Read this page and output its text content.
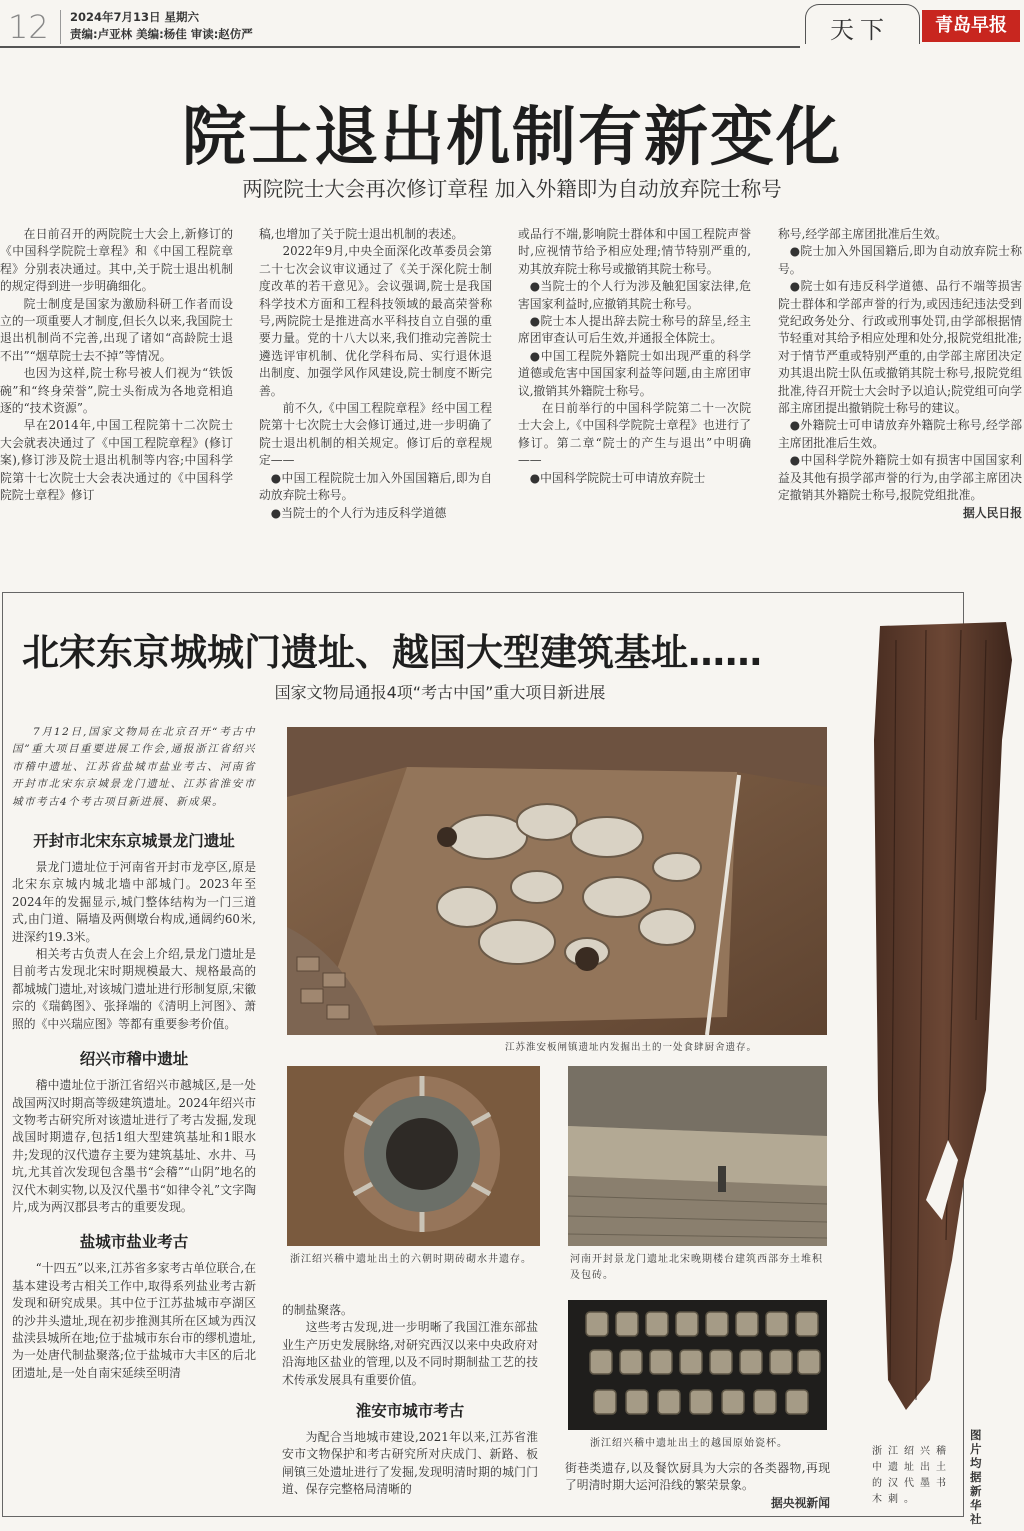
12 2024年7月13日 星期六
责编:卢亚林 美编:杨佳 审读:赵仿严	天下	青岛早报
院士退出机制有新变化
两院院士大会再次修订章程 加入外籍即为自动放弃院士称号

在日前召开的两院院士大会上,新修订的《中国科学院院士章程》和《中国工程院章程》分别表决通过。其中,关于院士退出机制的规定得到进一步明确细化。

院士制度是国家为激励科研工作者而设立的一项重要人才制度,但长久以来,我国院士退出机制尚不完善,出现了诸如“高龄院士退不出”“烟草院士去不掉”等情况。

也因为这样,院士称号被人们视为“铁饭碗”和“终身荣誉”,院士头衔成为各地竞相追逐的“技术资源”。

早在2014年,中国工程院第十二次院士大会就表决通过了《中国工程院章程》(修订案),修订涉及院士退出机制等内容;中国科学院第十七次院士大会表决通过的《中国科学院院士章程》修订

稿,也增加了关于院士退出机制的表述。

2022年9月,中央全面深化改革委员会第二十七次会议审议通过了《关于深化院士制度改革的若干意见》。会议强调,院士是我国科学技术方面和工程科技领域的最高荣誉称号,两院院士是推进高水平科技自立自强的重要力量。党的十八大以来,我们推动完善院士遴选评审机制、优化学科布局、实行退休退出制度、加强学风作风建设,院士制度不断完善。

前不久,《中国工程院章程》经中国工程院第十七次院士大会修订通过,进一步明确了院士退出机制的相关规定。修订后的章程规定——

●中国工程院院士加入外国国籍后,即为自动放弃院士称号。

●当院士的个人行为违反科学道德

或品行不端,影响院士群体和中国工程院声誉时,应视情节给予相应处理;情节特别严重的,劝其放弃院士称号或撤销其院士称号。

●当院士的个人行为涉及触犯国家法律,危害国家利益时,应撤销其院士称号。

●院士本人提出辞去院士称号的辞呈,经主席团审查认可后生效,并通报全体院士。

●中国工程院外籍院士如出现严重的科学道德或危害中国国家利益等问题,由主席团审议,撤销其外籍院士称号。

在日前举行的中国科学院第二十一次院士大会上,《中国科学院院士章程》也进行了修订。第二章“院士的产生与退出”中明确——

●中国科学院院士可申请放弃院士

称号,经学部主席团批准后生效。

●院士加入外国国籍后,即为自动放弃院士称号。

●院士如有违反科学道德、品行不端等损害院士群体和学部声誉的行为,或因违纪违法受到党纪政务处分、行政或刑事处罚,由学部根据情节轻重对其给予相应处理和处分,报院党组批准;对于情节严重或特别严重的,由学部主席团决定劝其退出院士队伍或撤销其院士称号,报院党组批准,待召开院士大会时予以追认;院党组可向学部主席团提出撤销院士称号的建议。

●外籍院士可申请放弃外籍院士称号,经学部主席团批准后生效。

●中国科学院外籍院士如有损害中国国家利益及其他有损学部声誉的行为,由学部主席团决定撤销其外籍院士称号,报院党组批准。

据人民日报

北宋东京城城门遗址、越国大型建筑基址……
国家文物局通报4项“考古中国”重大项目新进展

7月12日,国家文物局在北京召开“考古中国”重大项目重要进展工作会,通报浙江省绍兴市稽中遗址、江苏省盐城市盐业考古、河南省开封市北宋东京城景龙门遗址、江苏省淮安市城市考古4个考古项目新进展、新成果。

开封市北宋东京城景龙门遗址

景龙门遗址位于河南省开封市龙亭区,原是北宋东京城内城北墙中部城门。2023年至2024年的发掘显示,城门整体结构为一门三道式,由门道、隔墙及两侧墩台构成,通阔约60米,进深约19.3米。

相关考古负责人在会上介绍,景龙门遗址是目前考古发现北宋时期规模最大、规格最高的都城城门遗址,对该城门遗址进行形制复原,宋徽宗的《瑞鹤图》、张择端的《清明上河图》、萧照的《中兴瑞应图》等都有重要参考价值。

绍兴市稽中遗址

稽中遗址位于浙江省绍兴市越城区,是一处战国两汉时期高等级建筑遗址。2024年绍兴市文物考古研究所对该遗址进行了考古发掘,发现战国时期遗存,包括1组大型建筑基址和1眼水井;发现的汉代遗存主要为建筑基址、水井、马坑,尤其首次发现包含墨书“会稽”“山阴”地名的汉代木刺实物,以及汉代墨书“如律令礼”文字陶片,成为两汉郡县考古的重要发现。

盐城市盐业考古

“十四五”以来,江苏省多家考古单位联合,在基本建设考古相关工作中,取得系列盐业考古新发现和研究成果。其中位于江苏盐城市亭湖区的沙井头遗址,现在初步推测其所在区域为西汉盐渎县城所在地;位于盐城市东台市的缪机遗址,为一处唐代制盐聚落;位于盐城市大丰区的后北团遗址,是一处自南宋延续至明清

江苏淮安板闸镇遗址内发掘出土的一处食肆厨舍遗存。
浙江绍兴稽中遗址出土的六朝时期砖砌水井遗存。	河南开封景龙门遗址北宋晚期楼台建筑西部夯土堆积及包砖。

的制盐聚落。

这些考古发现,进一步明晰了我国江淮东部盐业生产历史发展脉络,对研究西汉以来中央政府对沿海地区盐业的管理,以及不同时期制盐工艺的技术传承发展具有重要价值。

淮安市城市考古

为配合当地城市建设,2021年以来,江苏省淮安市文物保护和考古研究所对庆成门、新路、板闸镇三处遗址进行了发掘,发现明清时期的城门门道、保存完整格局清晰的

浙江绍兴稽中遗址出土的越国原始瓷杯。

街巷类遗存,以及餐饮厨具为大宗的各类器物,再现了明清时期大运河沿线的繁荣景象。

据央视新闻

浙江绍兴稽中遗址出土的汉代墨书木刺。
图片均据新华社
